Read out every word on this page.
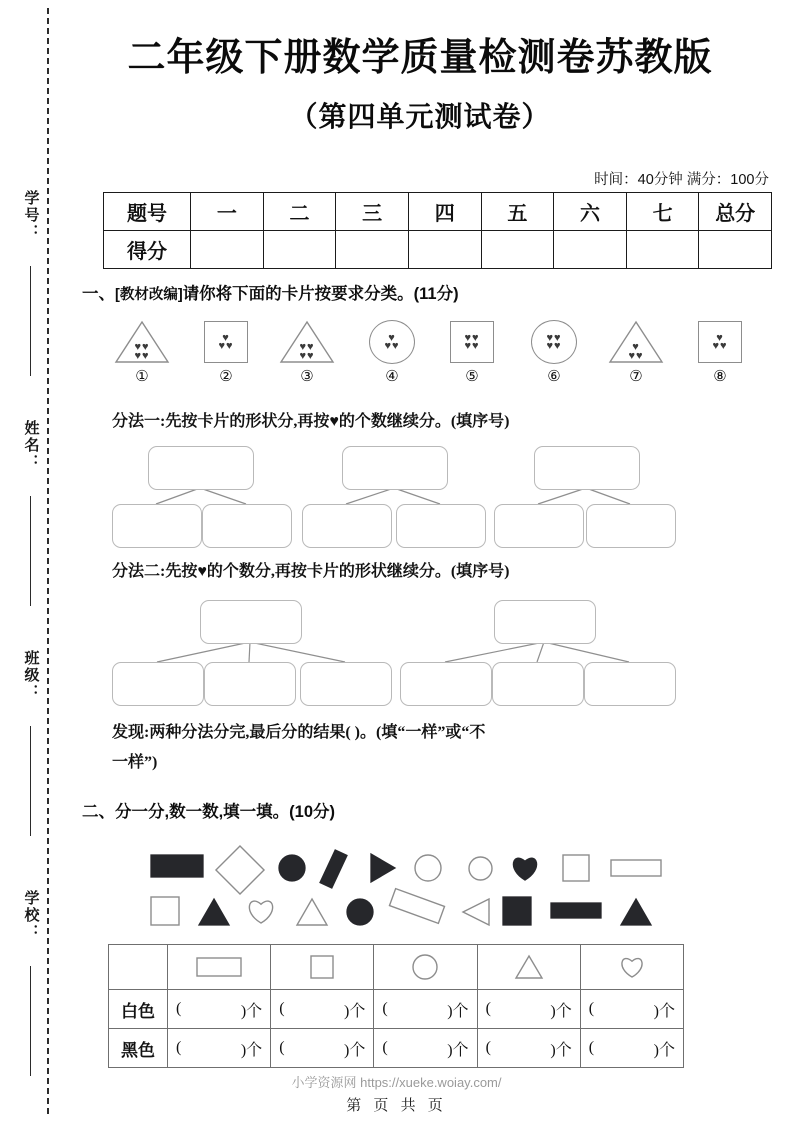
学号：
姓名：
班级：
学校：
二年级下册数学质量检测卷苏教版
（第四单元测试卷）
时间：40分钟 满分：100分
题号	一	二	三	四	五	六	七	总分
得分								
一、[教材改编]请你将下面的卡片按要求分类。(11分)
♥♥
♥♥
①
♥
♥♥
②
♥♥
♥♥
③
♥
♥♥
④
♥♥
♥♥
⑤
♥♥
♥♥
⑥
♥
♥♥
⑦
♥
♥♥
⑧
分法一:先按卡片的形状分,再按♥的个数继续分。(填序号)
分法二:先按♥的个数分,再按卡片的形状继续分。(填序号)
发现:两种分法分完,最后分的结果( )。(填“一样”或“不
一样”)
二、分一分,数一数,填一填。(10分)

白色	( )个	( )个	( )个	( )个	( )个

黑色	( )个	( )个	( )个	( )个	( )个
小学资源网 https://xueke.woiay.com/
第 页 共 页
